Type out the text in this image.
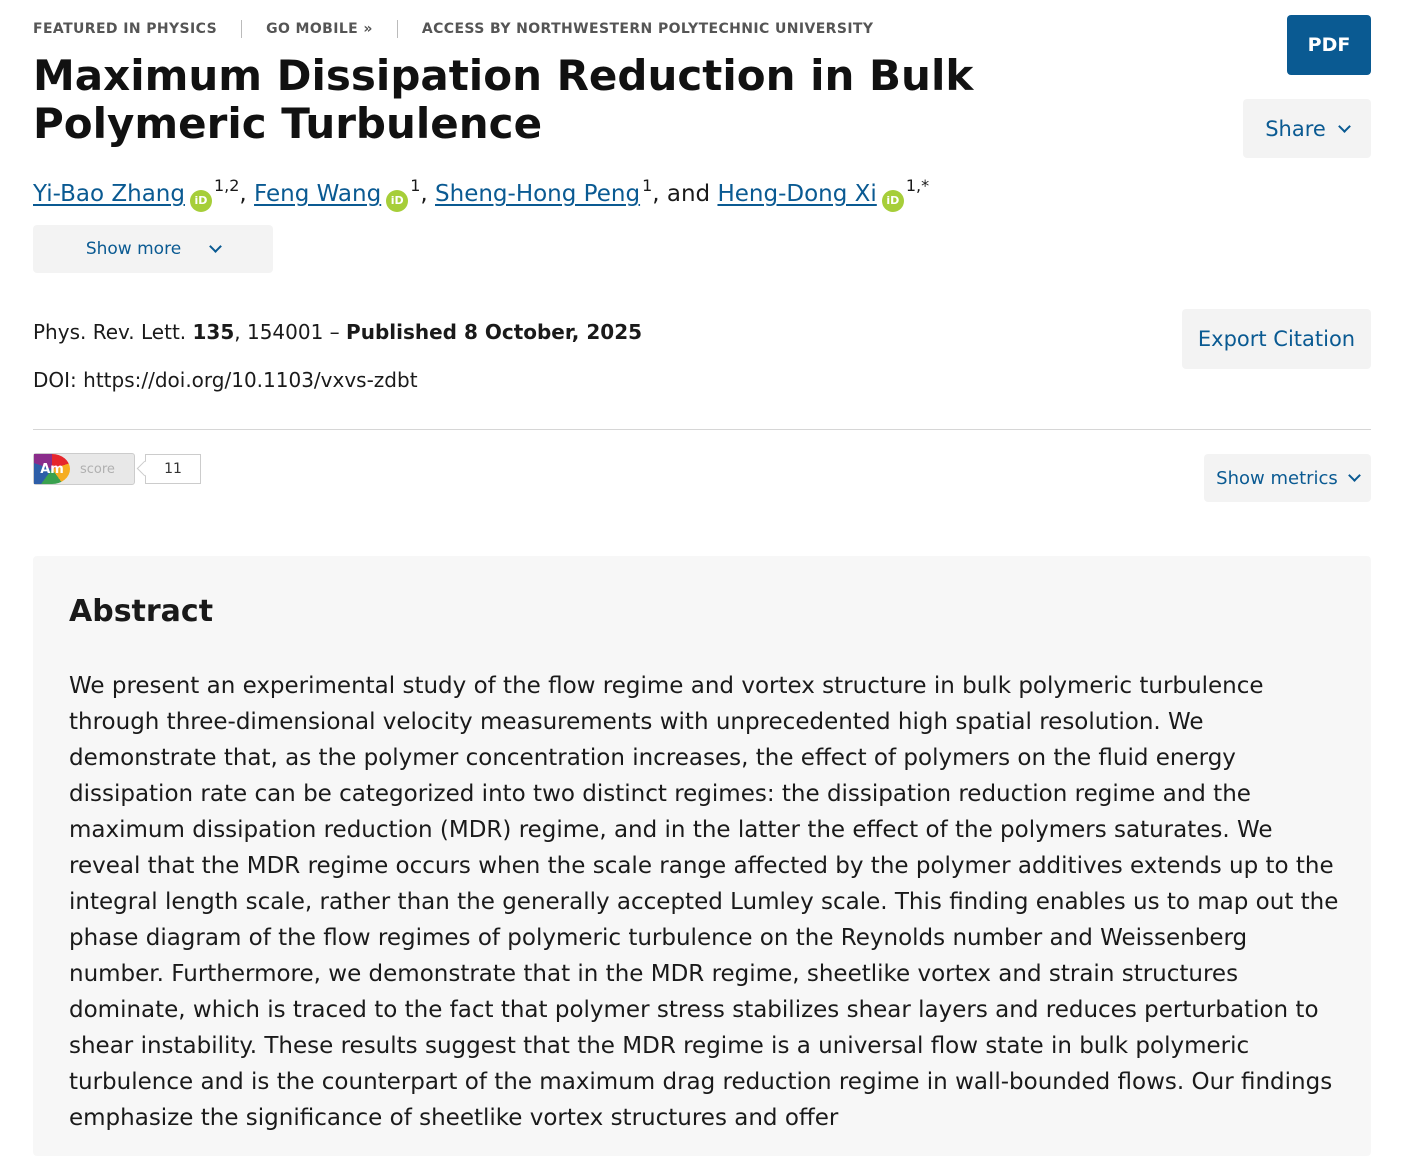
FEATURED IN PHYSICS	GO MOBILE »	ACCESS BY NORTHWESTERN POLYTECHNIC UNIVERSITY
PDF
Maximum Dissipation Reduction in Bulk Polymeric Turbulence	Share
Yi-Bao Zhang iD$^{1,2}$, Feng Wang $iD^1$, Sheng-Hong Peng $^1$, and Heng-Dong Xi $iD^{1,*}$
Show more
Phys. Rev. Lett. 135, 154001 – Published 8 October, 2025
DOI: https://doi.org/10.1103/vxvs-zdbt
Export Citation
Am score	11	Show metrics
Abstract

We present an experimental study of the flow regime and vortex structure in bulk polymeric turbulence through three-dimensional velocity measurements with unprecedented high spatial resolution. We demonstrate that, as the polymer concentration increases, the effect of polymers on the fluid energy dissipation rate can be categorized into two distinct regimes: the dissipation reduction regime and the maximum dissipation reduction (MDR) regime, and in the latter the effect of the polymers saturates. We reveal that the MDR regime occurs when the scale range affected by the polymer additives extends up to the integral length scale, rather than the generally accepted Lumley scale. This finding enables us to map out the phase diagram of the flow regimes of polymeric turbulence on the Reynolds number and Weissenberg number. Furthermore, we demonstrate that in the MDR regime, sheetlike vortex and strain structures dominate, which is traced to the fact that polymer stress stabilizes shear layers and reduces perturbation to shear instability. These results suggest that the MDR regime is a universal flow state in bulk polymeric turbulence and is the counterpart of the maximum drag reduction regime in wall-bounded flows. Our findings emphasize the significance of sheetlike vortex structures and offer
